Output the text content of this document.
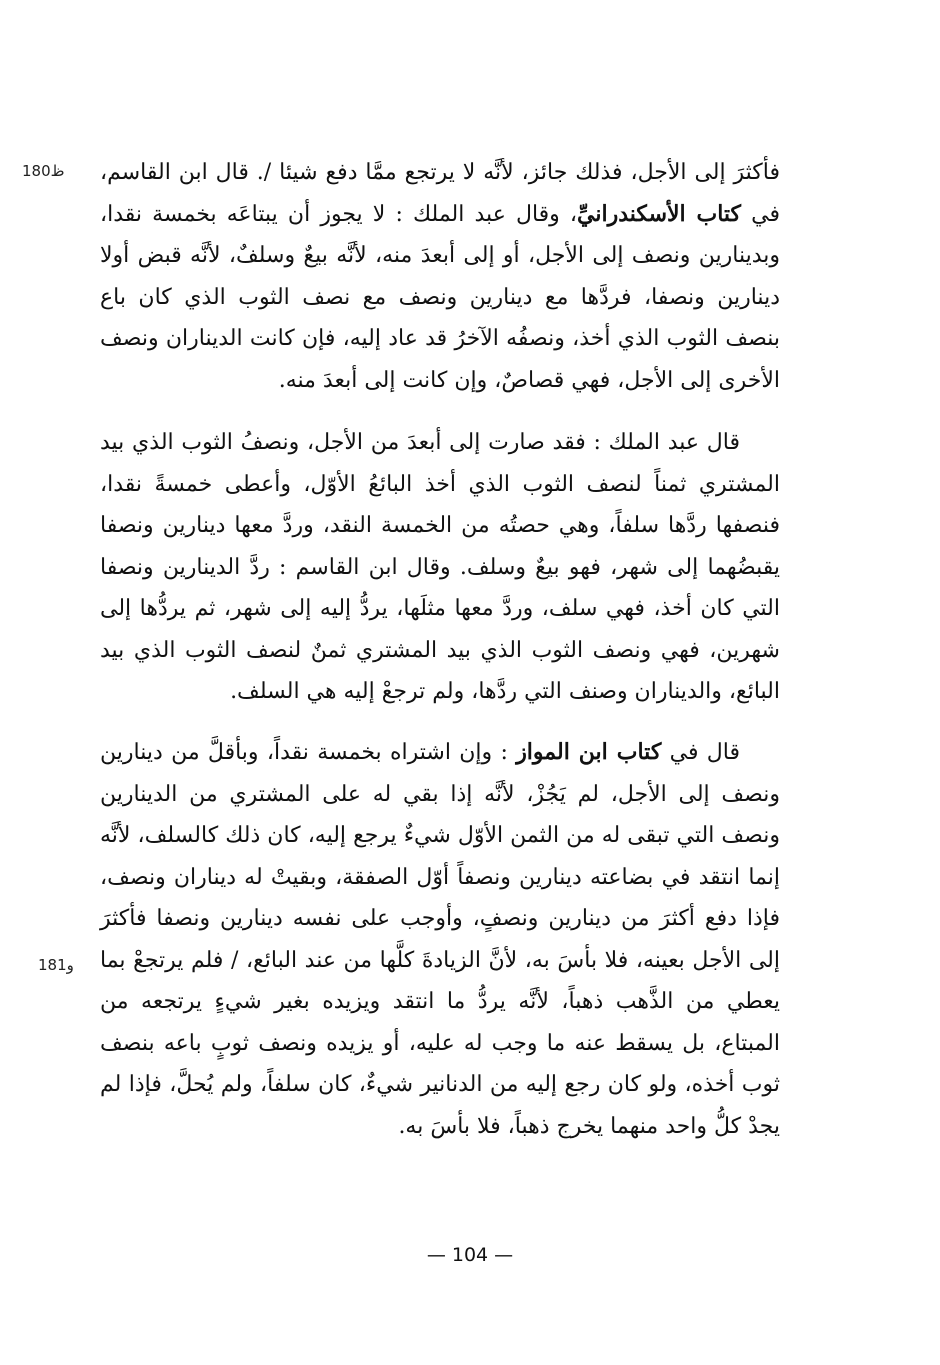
180ظ
181و

فأكثرَ إلى الأجل، فذلك جائز، لأنَّه لا يرتجع ممَّا دفع شيئا /. قال ابن القاسم، في كتاب الأسكندرانيِّ، وقال عبد الملك : لا يجوز أن يبتاعَه بخمسة نقدا، وبدينارين ونصف إلى الأجل، أو إلى أبعدَ منه، لأنَّه بيعٌ وسلفٌ، لأنَّه قبض أولا دينارين ونصفا، فردَّها مع دينارين ونصف مع نصف الثوب الذي كان باع بنصف الثوب الذي أخذ، ونصفُه الآخرُ قد عاد إليه، فإن كانت الديناران ونصف الأخرى إلى الأجل، فهي قصاصٌ، وإن كانت إلى أبعدَ منه.

قال عبد الملك : فقد صارت إلى أبعدَ من الأجل، ونصفُ الثوب الذي بيد المشتري ثمناً لنصف الثوب الذي أخذ البائعُ الأوّل، وأعطى خمسةً نقدا، فنصفها ردَّها سلفاً، وهي حصتُه من الخمسة النقد، وردَّ معها دينارين ونصفا يقبضُهما إلى شهر، فهو بيعٌ وسلف. وقال ابن القاسم : ردَّ الدينارين ونصفا التي كان أخذ، فهي سلف، وردَّ معها مثلَها، يردُّ إليه إلى شهر، ثم يردُّها إلى شهرين، فهي ونصف الثوب الذي بيد المشتري ثمنٌ لنصف الثوب الذي بيد البائع، والديناران وصنف التي ردَّها، ولم ترجعْ إليه هي السلف.

قال في كتاب ابن المواز : وإن اشتراه بخمسة نقداً، وبأقلَّ من دينارين ونصف إلى الأجل، لم يَجُزْ، لأنَّه إذا بقي له على المشتري من الدينارين ونصف التي تبقى له من الثمن الأوّل شيءٌ يرجع إليه، كان ذلك كالسلف، لأنَّه إنما انتقد في بضاعته دينارين ونصفاً أوّل الصفقة، وبقيتْ له ديناران ونصف، فإذا دفع أكثرَ من دينارين ونصفٍ، وأوجب على نفسه دينارين ونصفا فأكثرَ إلى الأجل بعينه، فلا بأسَ به، لأنَّ الزيادةَ كلَّها من عند البائع، / فلم يرتجعْ بما يعطي من الذَّهب ذهباً، لأنَّه يردُّ ما انتقد ويزيده بغير شيءٍ يرتجعه من المبتاع، بل يسقط عنه ما وجب له عليه، أو يزيده ونصف ثوبٍ باعه بنصف ثوب أخذه، ولو كان رجع إليه من الدنانير شيءٌ، كان سلفاً، ولم يُحلَّ، فإذا لم يجدْ كلُّ واحد منهما يخرج ذهباً، فلا بأسَ به.

— 104 —
